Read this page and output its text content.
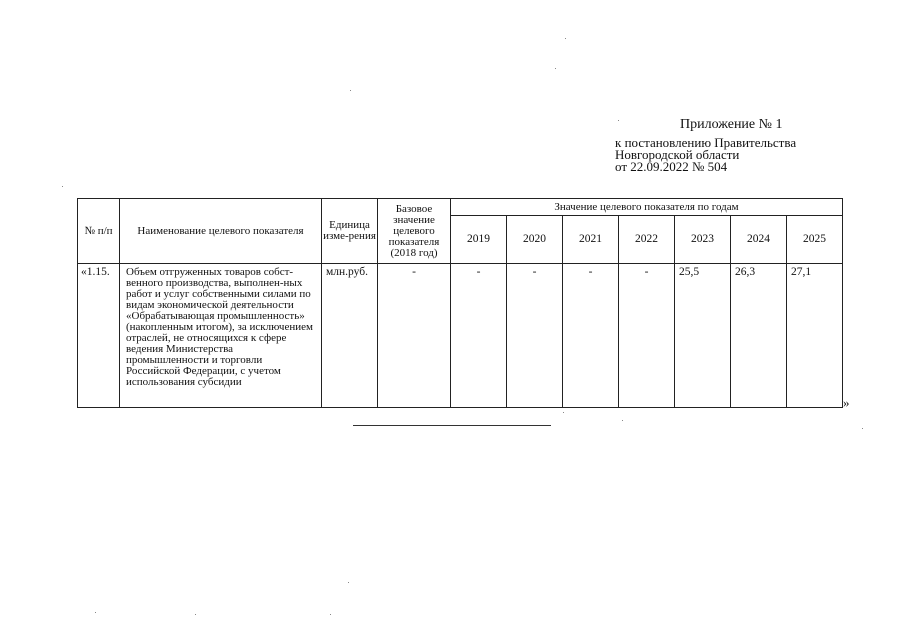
Приложение № 1
к постановлению Правительства
Новгородской области
от 22.09.2022 № 504
№ п/п	Наименование целевого показателя	Единица изме-рения	Базовое значение целевого показателя (2018 год)	Значение целевого показателя по годам						
				2019	2020	2021	2022	2023	2024	2025
«1.15.	Объем отгруженных товаров собст-венного производства, выполнен-ных работ и услуг собственными силами по видам экономической деятельности «Обрабатывающая промышленность» (накопленным итогом), за исключением отраслей, не относящихся к сфере ведения Министерства промышленности и торговли Российской Федерации, с учетом использования субсидии	млн.руб.	-	-	-	-	-	25,5	26,3	27,1
»
